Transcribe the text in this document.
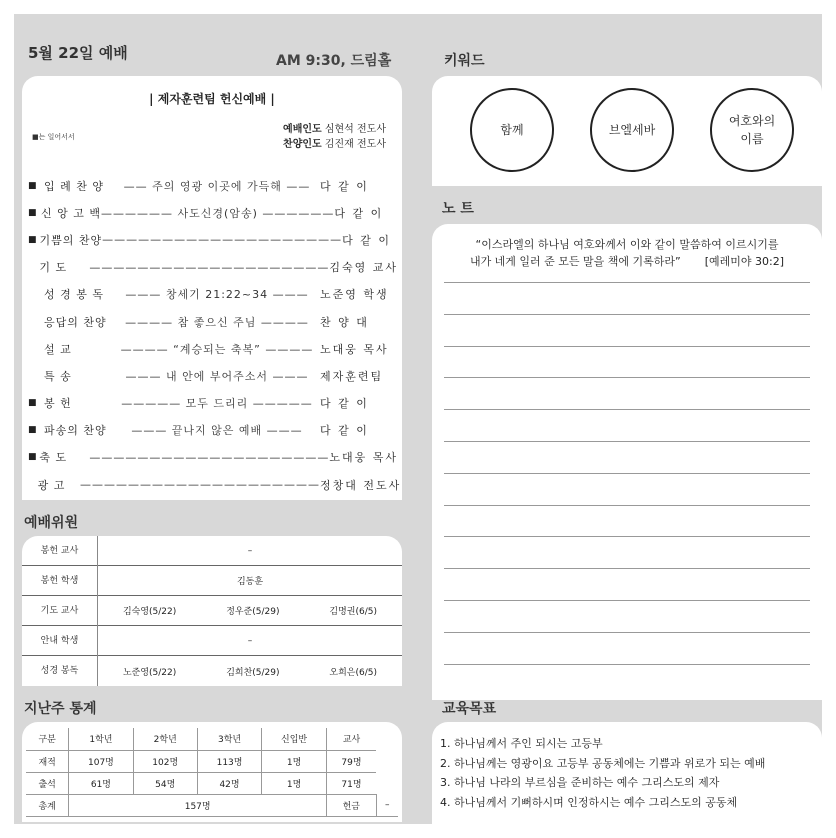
5월 22일 예배	AM 9:30, 드림홀
| 제자훈련팀 헌신예배 |
■는 일어서서
예배인도 심현석 전도사
찬양인도 김진재 전도사
■ 입 례 찬 양	—— 주의 영광 이곳에 가득해 —— 다 같 이
■ 신 앙 고 백 —————— 사도신경(암송) —————— 다 같 이
■ 기쁨의 찬양 ———————————————————— 다 같 이
기 도	———————————————————— 김숙영 교사
성 경 봉 독	——— 창세기 21:22~34 ———	노준영 학생
응답의 찬양	———— 참 좋으신 주님 ————	찬 양 대
설 교	———— “계승되는 축복” ———— 노대웅 목사
특 송	——— 내 안에 부어주소서 ———	제자훈련팀
■ 봉 헌	————— 모두 드리리 ————— 다 같 이
■ 파송의 찬양	——— 끝나지 않은 예배 ———	다 같 이
■ 축 도	———————————————————— 노대웅 목사
광 고	———————————————————— 정창대 전도사
예배위원
봉헌 교사	–
봉헌 학생	김동훈
기도 교사	김숙영(5/22)	정우준(5/29)	김명권(6/5)
안내 학생	–
성경 봉독	노준영(5/22)	김희찬(5/29)	오희은(6/5)
지난주 통계
구분	1학년	2학년	3학년	신입반	교사	
재적	107명	102명	113명	1명	79명	
출석	61명	54명	42명	1명	71명	
총계	157명				헌금	–
키워드
함께	브엘세바
여호와의
이름
노 트
“이스라엘의 하나님 여호와께서 이와 같이 말씀하여 이르시기를
내가 네게 일러 준 모든 말을 책에 기록하라” [예레미야 30:2]
교육목표
1. 하나님께서 주인 되시는 고등부
2. 하나님께는 영광이요 고등부 공동체에는 기쁨과 위로가 되는 예배
3. 하나님 나라의 부르심을 준비하는 예수 그리스도의 제자
4. 하나님께서 기뻐하시며 인정하시는 예수 그리스도의 공동체
